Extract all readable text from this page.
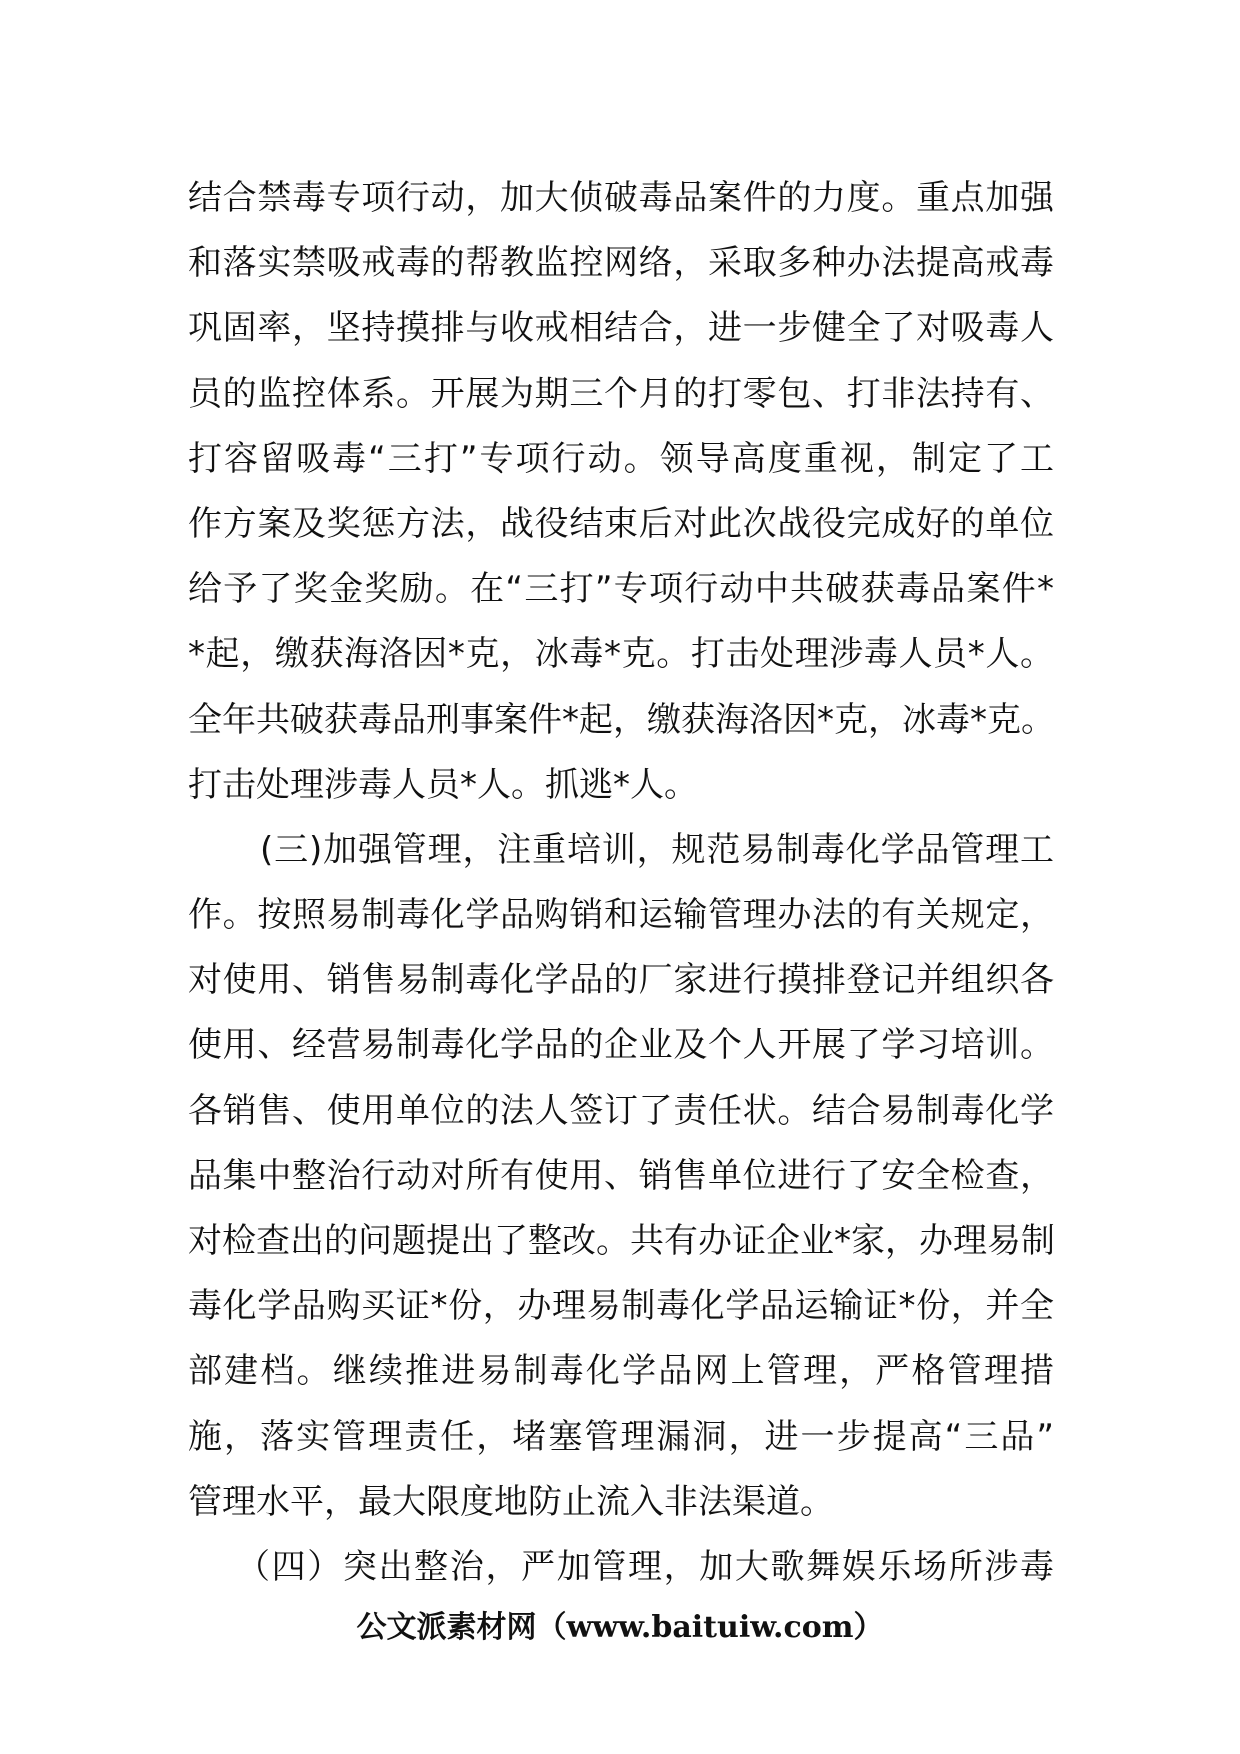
结合禁毒专项行动，加大侦破毒品案件的力度。重点加强
和落实禁吸戒毒的帮教监控网络，采取多种办法提高戒毒
巩固率，坚持摸排与收戒相结合，进一步健全了对吸毒人
员的监控体系。开展为期三个月的打零包、打非法持有、
打容留吸毒“三打”专项行动。领导高度重视，制定了工
作方案及奖惩方法，战役结束后对此次战役完成好的单位
给予了奖金奖励。在“三打”专项行动中共破获毒品案件*
*起，缴获海洛因*克，冰毒*克。打击处理涉毒人员*人。
全年共破获毒品刑事案件*起，缴获海洛因*克，冰毒*克。
打击处理涉毒人员*人。抓逃*人。
(三)加强管理，注重培训，规范易制毒化学品管理工
作。按照易制毒化学品购销和运输管理办法的有关规定，
对使用、销售易制毒化学品的厂家进行摸排登记并组织各
使用、经营易制毒化学品的企业及个人开展了学习培训。
各销售、使用单位的法人签订了责任状。结合易制毒化学
品集中整治行动对所有使用、销售单位进行了安全检查，
对检查出的问题提出了整改。共有办证企业*家，办理易制
毒化学品购买证*份，办理易制毒化学品运输证*份，并全
部建档。继续推进易制毒化学品网上管理，严格管理措
施，落实管理责任，堵塞管理漏洞，进一步提高“三品”
管理水平，最大限度地防止流入非法渠道。
（四）突出整治，严加管理，加大歌舞娱乐场所涉毒
公文派素材网（www.baituiw.com）
